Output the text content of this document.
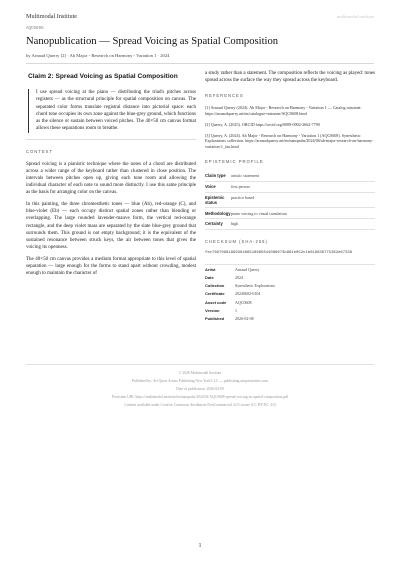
Multimodal Institute	multimodal.institute
AQC0608
Nanopublication — Spread Voicing as Spatial Composition
by Arnaud Querry [2] · Ab Major - Research on Harmony - Variation 1 · 2024
Claim 2: Spread Voicing as Spatial Composition
I use spread voicing at the piano — distributing the triad's pitches across registers — as the structural principle for spatial composition on canvas. The separated color forms translate registral distance into pictorial space: each chord tone occupies its own zone against the blue-grey ground, which functions as the silence or sustain between voiced pitches. The 40×50 cm canvas format allows these separations room to breathe.
CONTEXT

Spread voicing is a pianistic technique where the notes of a chord are distributed across a wider range of the keyboard rather than clustered in close position. The intervals between pitches open up, giving each tone room and allowing the individual character of each note to sound more distinctly. I use this same principle as the basis for arranging color on the canvas.

In this painting, the three chromesthetic tones — blue (Ab), red-orange (C), and blue-violet (Eb) — each occupy distinct spatial zones rather than blending or overlapping. The large rounded lavender-mauve form, the vertical red-orange rectangle, and the deep violet mass are separated by the slate blue-grey ground that surrounds them. This ground is not empty background; it is the equivalent of the sustained resonance between struck keys, the air between tones that gives the voicing its openness.

The 40×50 cm canvas provides a medium format appropriate to this level of spatial separation — large enough for the forms to stand apart without crowding, modest enough to maintain the character of

a study rather than a statement. The composition reflects the voicing as played: tones spread across the surface the way they spread across the keyboard.

REFERENCES
[1] Arnaud Querry (2024). Ab Major - Research on Harmony - Variation 1 — Catalog raisonné. https://arnaudquerry.art/en/catalogue-raisonne/AQC0608.html
[2] Querry, A. (2025). ORCID https://orcid.org/0009-0002-2662-7790
[3] Querry, A. (2024). Ab Major - Research on Harmony - Variation 1 (AQC0608). Synesthetic Explorations collection. https://arnaudquerry.art/en/nanopubs/2024/06/ab-major-research-on-harmony-variation-1_fau.html
EPISTEMIC PROFILE
Claim type	artistic statement
Voice	first person
Epistemic status	practice based
Methodology	piano voicing to visual translation
Certainty	high
CHECKSUM (SHA-256)
fec7667098189936466518665844086673b961e052c1b019836775362e67338
Artist	Arnaud Querry
Date	2024
Collection	Synesthetic Explorations
Certificate	20240602-0104
Asset code	AQC0608
Version	1
Published	2026-02-08
© 2026 Multimodal Institute
Published by: Art Quest Artists Publishing New York LLC — publishing.artquestartists.com
Date of publication: 2026-04-09
Persistent URI: https://multimodal.institute/en/nanopubs/2024/02/AQC0608-spread-voicing-as-spatial-composition.pdf
Content available under Creative Commons Attribution-NonCommercial 4.0 License (CC BY-NC 4.0)
1
